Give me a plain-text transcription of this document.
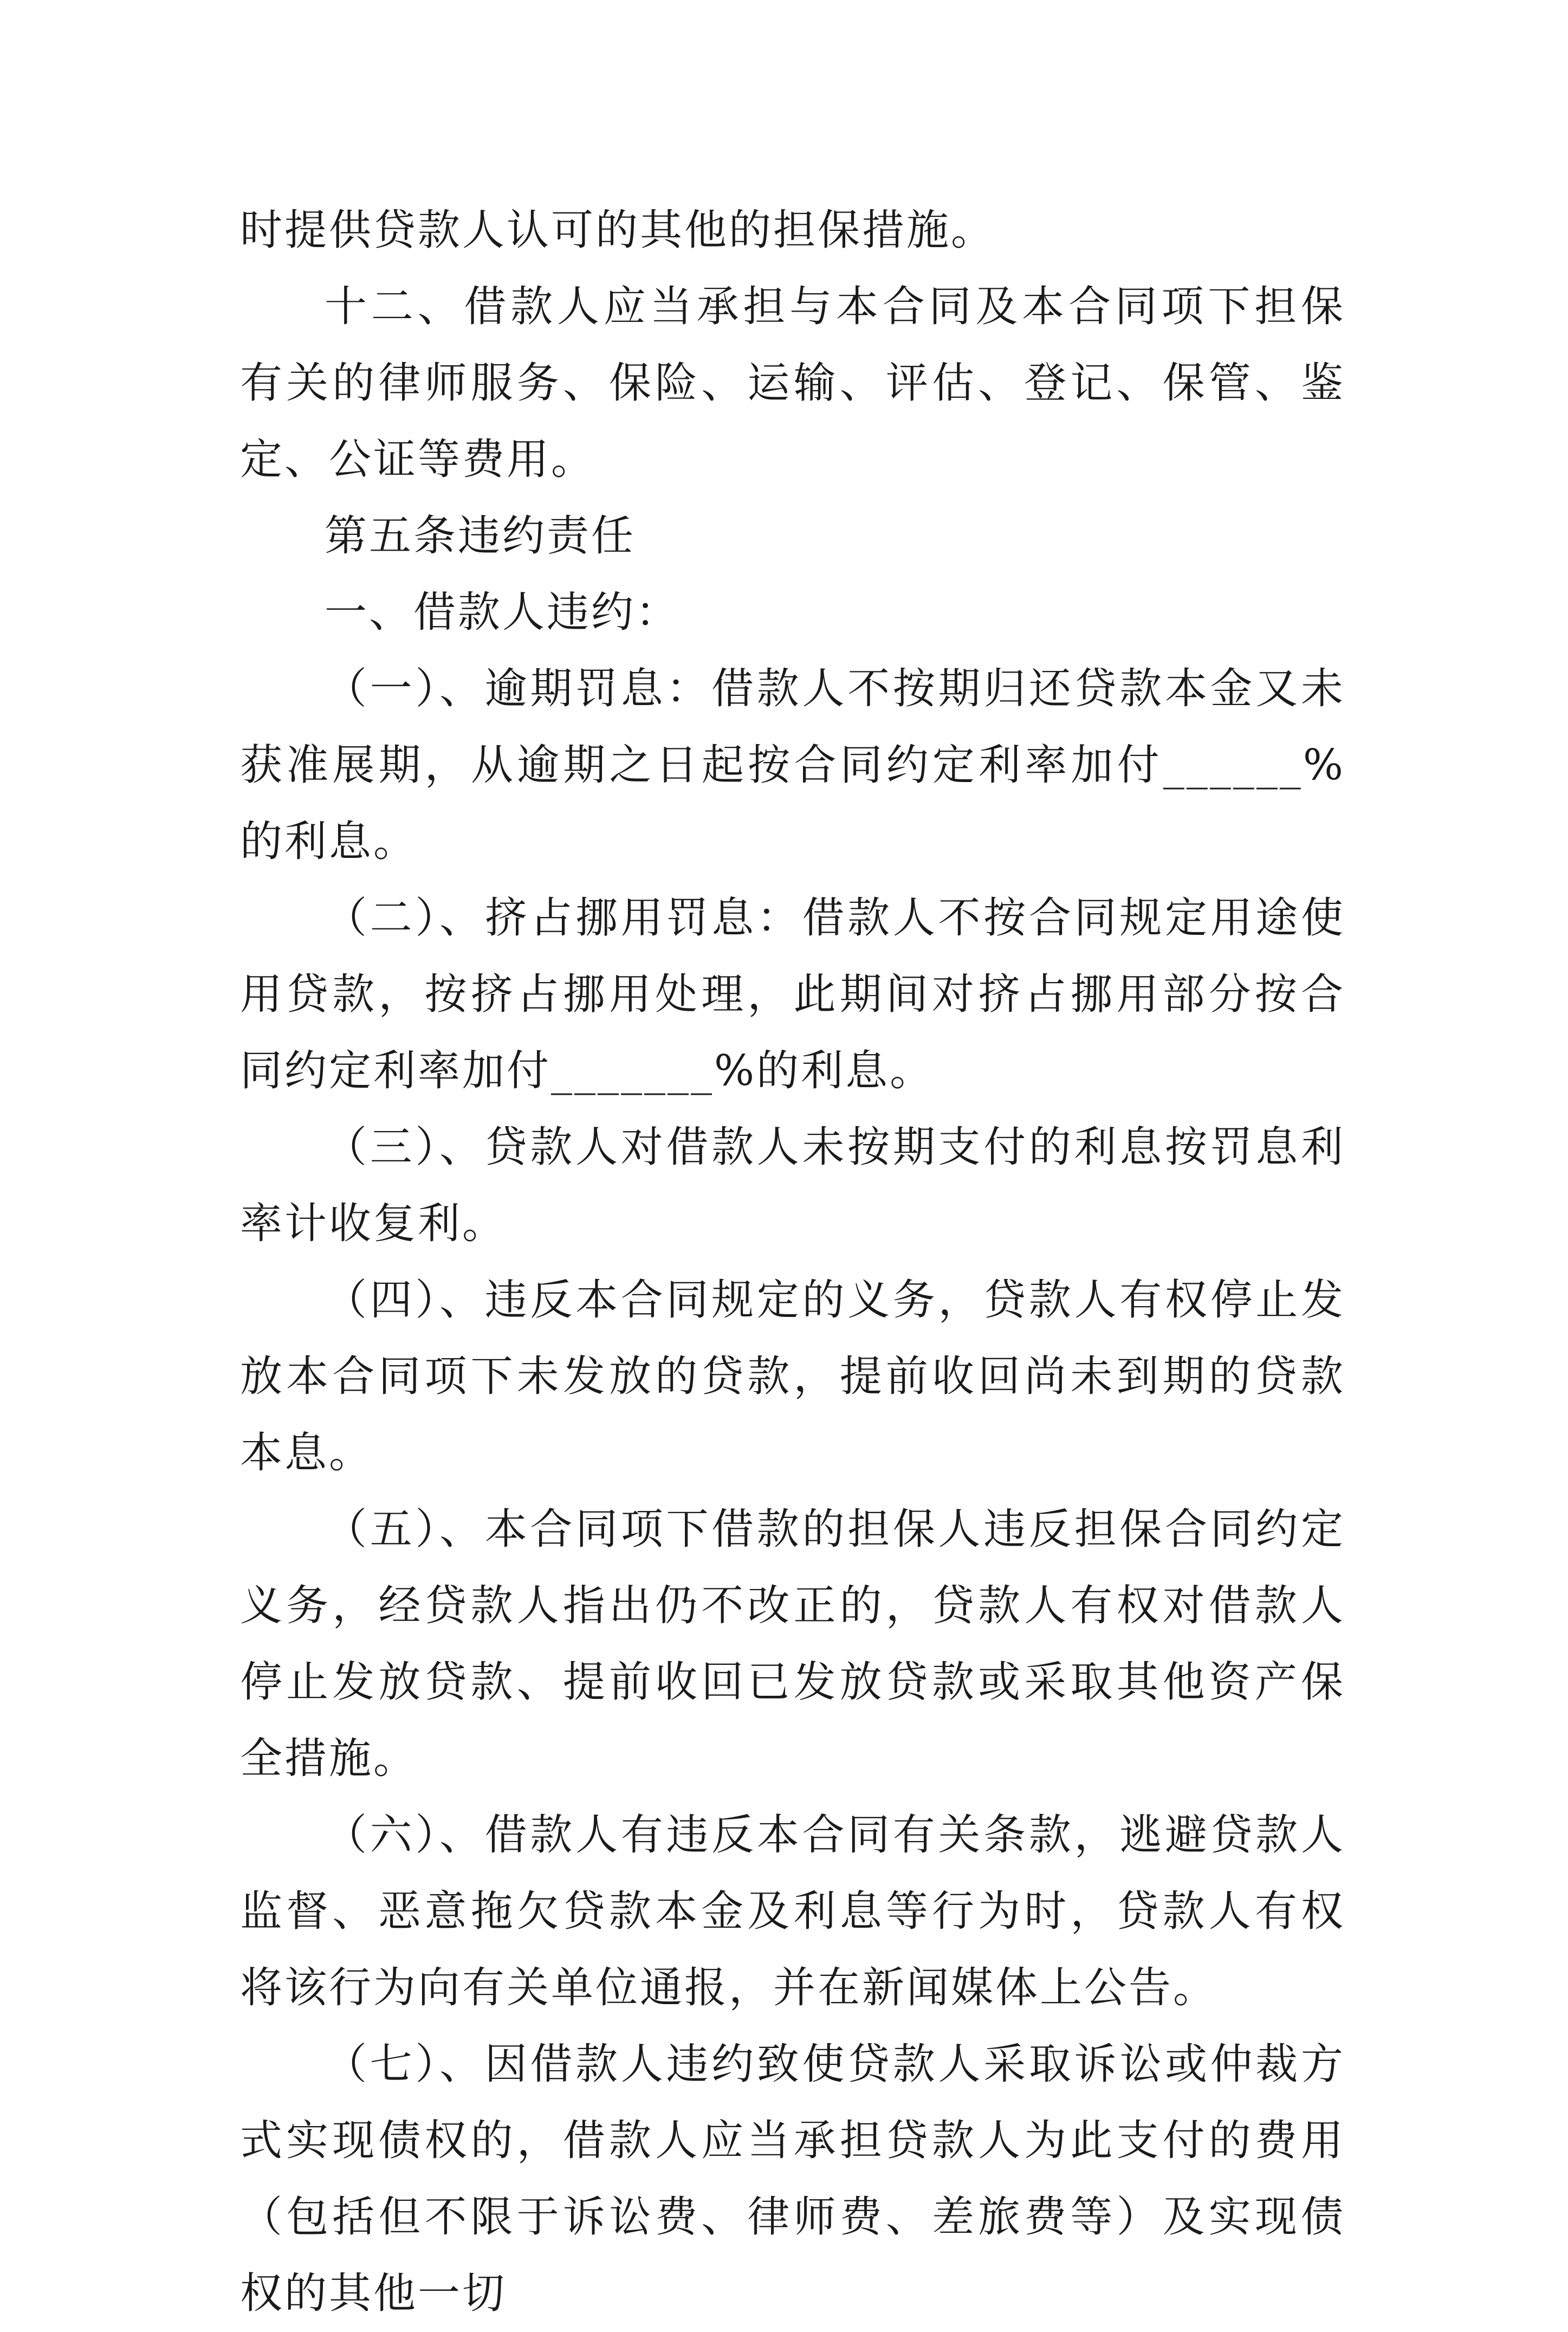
时提供贷款人认可的其他的担保措施。

十二、借款人应当承担与本合同及本合同项下担保有关的律师服务、保险、运输、评估、登记、保管、鉴定、公证等费用。

第五条违约责任

一、借款人违约：

（一）、逾期罚息：借款人不按期归还贷款本金又未获准展期，从逾期之日起按合同约定利率加付______%的利息。

（二）、挤占挪用罚息：借款人不按合同规定用途使用贷款，按挤占挪用处理，此期间对挤占挪用部分按合同约定利率加付_______%的利息。

（三）、贷款人对借款人未按期支付的利息按罚息利率计收复利。

（四）、违反本合同规定的义务，贷款人有权停止发放本合同项下未发放的贷款，提前收回尚未到期的贷款本息。

（五）、本合同项下借款的担保人违反担保合同约定义务，经贷款人指出仍不改正的，贷款人有权对借款人停止发放贷款、提前收回已发放贷款或采取其他资产保全措施。

（六）、借款人有违反本合同有关条款，逃避贷款人监督、恶意拖欠贷款本金及利息等行为时，贷款人有权将该行为向有关单位通报，并在新闻媒体上公告。

（七）、因借款人违约致使贷款人采取诉讼或仲裁方式实现债权的，借款人应当承担贷款人为此支付的费用（包括但不限于诉讼费、律师费、差旅费等）及实现债权的其他一切
